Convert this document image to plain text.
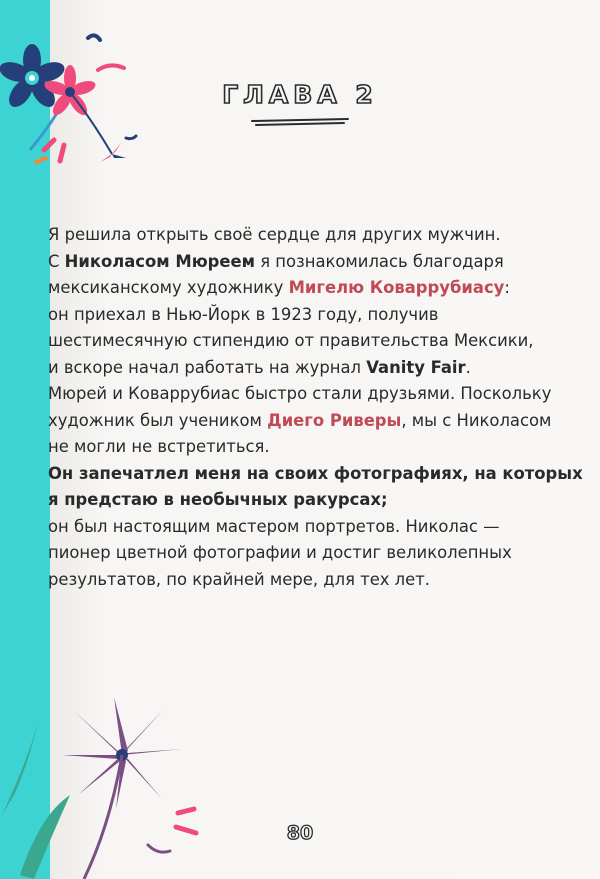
ГЛАВА 2
Я решила открыть своё сердце для других мужчин.
С Николасом Мюреем я познакомилась благодаря
мексиканскому художнику Мигелю Коваррубиасу:
он приехал в Нью-Йорк в 1923 году, получив
шестимесячную стипендию от правительства Мексики,
и вскоре начал работать на журнал Vanity Fair.
Мюрей и Коваррубиас быстро стали друзьями. Поскольку
художник был учеником Диего Риверы, мы с Николасом
не могли не встретиться.
Он запечатлел меня на своих фотографиях, на которых
я предстаю в необычных ракурсах;
он был настоящим мастером портретов. Николас —
пионер цветной фотографии и достиг великолепных
результатов, по крайней мере, для тех лет.
80
